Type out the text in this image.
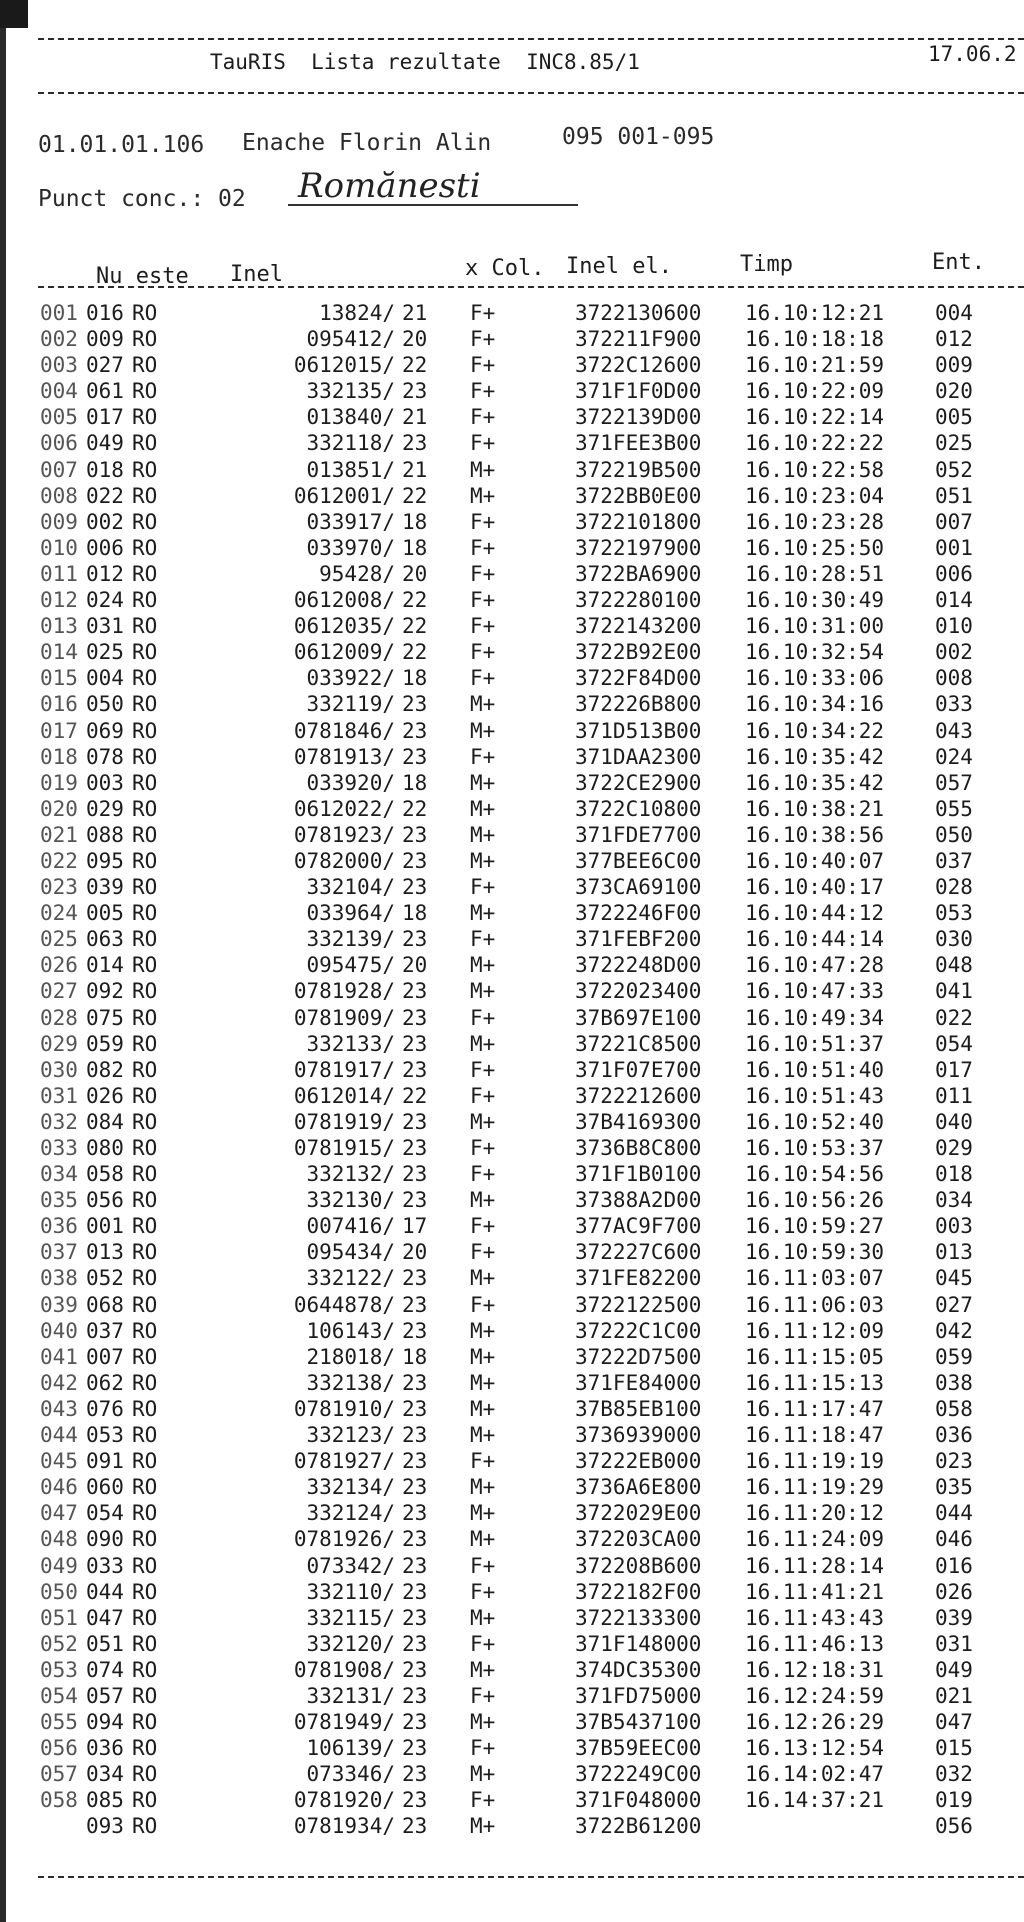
TauRIS  Lista rezultate  INC8.85/1	17.06.2
01.01.01.106 Enache Florin Alin	095 001-095
Punct conc.: 02 Romănesti
Nu este Inel	x Col. Inel el.	Timp	Ent.
001 016 RO	13824/ 21 F+	3722130600 16.10:12:21 004
002 009 RO	095412/ 20 F+	372211F900 16.10:18:18 012
003 027 RO	0612015/ 22 F+	3722C12600 16.10:21:59 009
004 061 RO	332135/ 23 F+	371F1F0D00 16.10:22:09 020
005 017 RO	013840/ 21 F+	3722139D00 16.10:22:14 005
006 049 RO	332118/ 23 F+	371FEE3B00 16.10:22:22 025
007 018 RO	013851/ 21 M+	372219B500 16.10:22:58 052
008 022 RO	0612001/ 22 M+	3722BB0E00 16.10:23:04 051
009 002 RO	033917/ 18 F+	3722101800 16.10:23:28 007
010 006 RO	033970/ 18 F+	3722197900 16.10:25:50 001
011 012 RO	95428/ 20 F+	3722BA6900 16.10:28:51 006
012 024 RO	0612008/ 22 F+	3722280100 16.10:30:49 014
013 031 RO	0612035/ 22 F+	3722143200 16.10:31:00 010
014 025 RO	0612009/ 22 F+	3722B92E00 16.10:32:54 002
015 004 RO	033922/ 18 F+	3722F84D00 16.10:33:06 008
016 050 RO	332119/ 23 M+	372226B800 16.10:34:16 033
017 069 RO	0781846/ 23 M+	371D513B00 16.10:34:22 043
018 078 RO	0781913/ 23 F+	371DAA2300 16.10:35:42 024
019 003 RO	033920/ 18 M+	3722CE2900 16.10:35:42 057
020 029 RO	0612022/ 22 M+	3722C10800 16.10:38:21 055
021 088 RO	0781923/ 23 M+	371FDE7700 16.10:38:56 050
022 095 RO	0782000/ 23 M+	377BEE6C00 16.10:40:07 037
023 039 RO	332104/ 23 F+	373CA69100 16.10:40:17 028
024 005 RO	033964/ 18 M+	3722246F00 16.10:44:12 053
025 063 RO	332139/ 23 F+	371FEBF200 16.10:44:14 030
026 014 RO	095475/ 20 M+	3722248D00 16.10:47:28 048
027 092 RO	0781928/ 23 M+	3722023400 16.10:47:33 041
028 075 RO	0781909/ 23 F+	37B697E100 16.10:49:34 022
029 059 RO	332133/ 23 M+	37221C8500 16.10:51:37 054
030 082 RO	0781917/ 23 F+	371F07E700 16.10:51:40 017
031 026 RO	0612014/ 22 F+	3722212600 16.10:51:43 011
032 084 RO	0781919/ 23 M+	37B4169300 16.10:52:40 040
033 080 RO	0781915/ 23 F+	3736B8C800 16.10:53:37 029
034 058 RO	332132/ 23 F+	371F1B0100 16.10:54:56 018
035 056 RO	332130/ 23 M+	37388A2D00 16.10:56:26 034
036 001 RO	007416/ 17 F+	377AC9F700 16.10:59:27 003
037 013 RO	095434/ 20 F+	372227C600 16.10:59:30 013
038 052 RO	332122/ 23 M+	371FE82200 16.11:03:07 045
039 068 RO	0644878/ 23 F+	3722122500 16.11:06:03 027
040 037 RO	106143/ 23 M+	37222C1C00 16.11:12:09 042
041 007 RO	218018/ 18 M+	37222D7500 16.11:15:05 059
042 062 RO	332138/ 23 M+	371FE84000 16.11:15:13 038
043 076 RO	0781910/ 23 M+	37B85EB100 16.11:17:47 058
044 053 RO	332123/ 23 M+	3736939000 16.11:18:47 036
045 091 RO	0781927/ 23 F+	37222EB000 16.11:19:19 023
046 060 RO	332134/ 23 M+	3736A6E800 16.11:19:29 035
047 054 RO	332124/ 23 M+	3722029E00 16.11:20:12 044
048 090 RO	0781926/ 23 M+	372203CA00 16.11:24:09 046
049 033 RO	073342/ 23 F+	372208B600 16.11:28:14 016
050 044 RO	332110/ 23 F+	3722182F00 16.11:41:21 026
051 047 RO	332115/ 23 M+	3722133300 16.11:43:43 039
052 051 RO	332120/ 23 F+	371F148000 16.11:46:13 031
053 074 RO	0781908/ 23 M+	374DC35300 16.12:18:31 049
054 057 RO	332131/ 23 F+	371FD75000 16.12:24:59 021
055 094 RO	0781949/ 23 M+	37B5437100 16.12:26:29 047
056 036 RO	106139/ 23 F+	37B59EEC00 16.13:12:54 015
057 034 RO	073346/ 23 M+	3722249C00 16.14:02:47 032
058 085 RO	0781920/ 23 F+	371F048000 16.14:37:21 019
093 RO	0781934/ 23 M+	3722B61200	056
